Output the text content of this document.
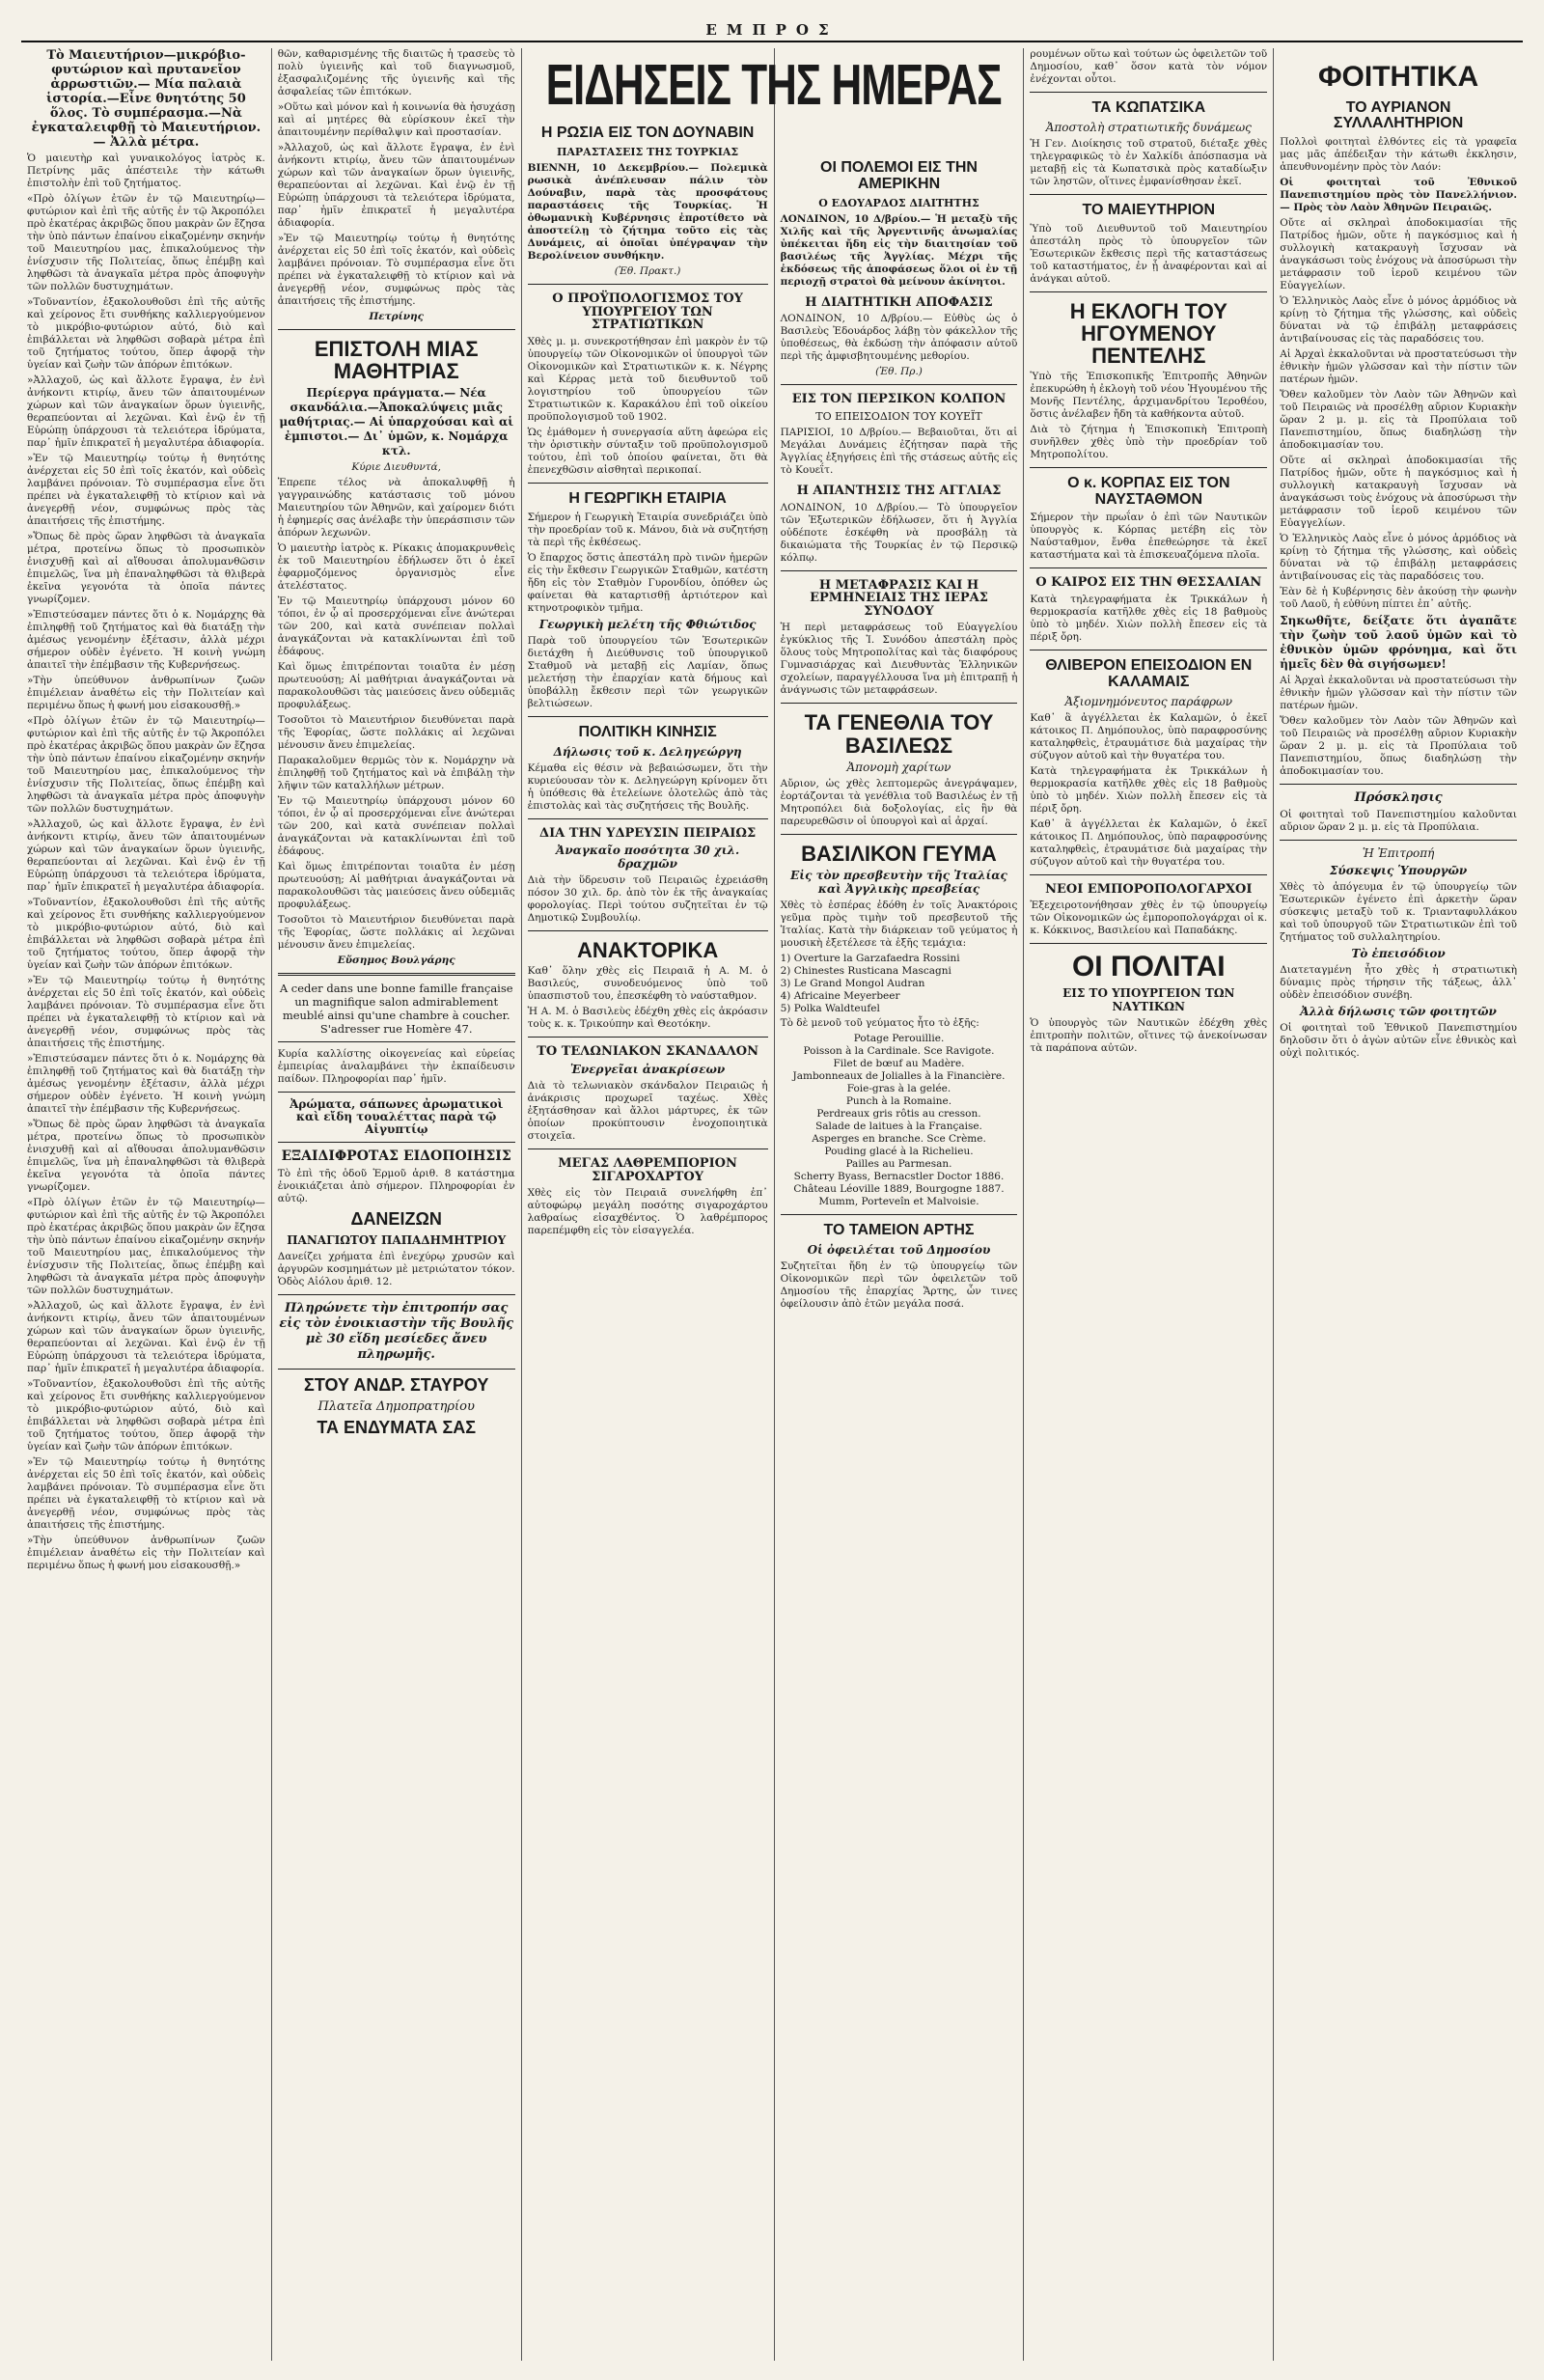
ΕΜΠΡΟΣ

Τὸ Μαιευτήριον—μικρόβιο-φυτώριον καὶ πρυτανεῖον ἀρρωστιῶν.— Μία παλαιὰ ἱστορία.—Εἶνε θνητότης 50 ὅλος. Τὸ συμπέρασμα.—Νὰ ἐγκαταλειφθῇ τὸ Μαιευτήριον.— Ἀλλὰ μέτρα.

Ὁ μαιευτὴρ καὶ γυναικολόγος ἰατρὸς κ. Πετρίνης μᾶς ἀπέστειλε τὴν κάτωθι ἐπιστολὴν ἐπὶ τοῦ ζητήματος.

«Πρὸ ὀλίγων ἐτῶν ἐν τῷ Μαιευτηρίῳ—φυτώριον καὶ ἐπὶ τῆς αὐτῆς ἐν τῷ Ἀκροπόλει πρὸ ἑκατέρας ἀκριβῶς ὅπου μακρὰν ὤν ἔζησα τὴν ὑπὸ πάντων ἐπαίνου εἰκαζομένην σκηνήν τοῦ Μαιευτηρίου μας, ἐπικαλούμενος τὴν ἐνίσχυσιν τῆς Πολιτείας, ὅπως ἐπέμβῃ καὶ ληφθῶσι τὰ ἀναγκαῖα μέτρα πρὸς ἀποφυγὴν τῶν πολλῶν δυστυχημάτων.

»Τοῦναντίον, ἐξακολουθοῦσι ἐπὶ τῆς αὐτῆς καὶ χείρονος ἔτι συνθήκης καλλιεργούμενον τὸ μικρόβιο-φυτώριον αὐτό, διὸ καὶ ἐπιβάλλεται νὰ ληφθῶσι σοβαρὰ μέτρα ἐπὶ τοῦ ζητήματος τούτου, ὅπερ ἀφορᾷ τὴν ὑγείαν καὶ ζωὴν τῶν ἀπόρων ἐπιτόκων.

»Ἀλλαχοῦ, ὡς καὶ ἄλλοτε ἔγραψα, ἐν ἑνὶ ἀνήκοντι κτιρίῳ, ἄνευ τῶν ἀπαιτουμένων χώρων καὶ τῶν ἀναγκαίων ὅρων ὑγιεινῆς, θεραπεύονται αἱ λεχῶναι. Καὶ ἐνῷ ἐν τῇ Εὐρώπῃ ὑπάρχουσι τὰ τελειότερα ἰδρύματα, παρ᾽ ἡμῖν ἐπικρατεῖ ἡ μεγαλυτέρα ἀδιαφορία.

»Ἐν τῷ Μαιευτηρίῳ τούτῳ ἡ θνητότης ἀνέρχεται εἰς 50 ἐπὶ τοῖς ἑκατόν, καὶ οὐδεὶς λαμβάνει πρόνοιαν. Τὸ συμπέρασμα εἶνε ὅτι πρέπει νὰ ἐγκαταλειφθῇ τὸ κτίριον καὶ νὰ ἀνεγερθῇ νέον, συμφώνως πρὸς τὰς ἀπαιτήσεις τῆς ἐπιστήμης.

»Ὅπως δὲ πρὸς ὥραν ληφθῶσι τὰ ἀναγκαῖα μέτρα, προτείνω ὅπως τὸ προσωπικὸν ἐνισχυθῇ καὶ αἱ αἴθουσαι ἀπολυμανθῶσιν ἐπιμελῶς, ἵνα μὴ ἐπαναληφθῶσι τὰ θλιβερὰ ἐκεῖνα γεγονότα τὰ ὁποῖα πάντες γνωρίζομεν.

»Ἐπιστεύσαμεν πάντες ὅτι ὁ κ. Νομάρχης θὰ ἐπιληφθῇ τοῦ ζητήματος καὶ θὰ διατάξῃ τὴν ἀμέσως γενομένην ἐξέτασιν, ἀλλὰ μέχρι σήμερον οὐδὲν ἐγένετο. Ἡ κοινὴ γνώμη ἀπαιτεῖ τὴν ἐπέμβασιν τῆς Κυβερνήσεως.

»Τὴν ὑπεύθυνον ἀνθρωπίνων ζωῶν ἐπιμέλειαν ἀναθέτω εἰς τὴν Πολιτείαν καὶ περιμένω ὅπως ἡ φωνή μου εἰσακουσθῇ.»

«Πρὸ ὀλίγων ἐτῶν ἐν τῷ Μαιευτηρίῳ—φυτώριον καὶ ἐπὶ τῆς αὐτῆς ἐν τῷ Ἀκροπόλει πρὸ ἑκατέρας ἀκριβῶς ὅπου μακρὰν ὤν ἔζησα τὴν ὑπὸ πάντων ἐπαίνου εἰκαζομένην σκηνήν τοῦ Μαιευτηρίου μας, ἐπικαλούμενος τὴν ἐνίσχυσιν τῆς Πολιτείας, ὅπως ἐπέμβῃ καὶ ληφθῶσι τὰ ἀναγκαῖα μέτρα πρὸς ἀποφυγὴν τῶν πολλῶν δυστυχημάτων.

»Ἀλλαχοῦ, ὡς καὶ ἄλλοτε ἔγραψα, ἐν ἑνὶ ἀνήκοντι κτιρίῳ, ἄνευ τῶν ἀπαιτουμένων χώρων καὶ τῶν ἀναγκαίων ὅρων ὑγιεινῆς, θεραπεύονται αἱ λεχῶναι. Καὶ ἐνῷ ἐν τῇ Εὐρώπῃ ὑπάρχουσι τὰ τελειότερα ἰδρύματα, παρ᾽ ἡμῖν ἐπικρατεῖ ἡ μεγαλυτέρα ἀδιαφορία.

»Τοῦναντίον, ἐξακολουθοῦσι ἐπὶ τῆς αὐτῆς καὶ χείρονος ἔτι συνθήκης καλλιεργούμενον τὸ μικρόβιο-φυτώριον αὐτό, διὸ καὶ ἐπιβάλλεται νὰ ληφθῶσι σοβαρὰ μέτρα ἐπὶ τοῦ ζητήματος τούτου, ὅπερ ἀφορᾷ τὴν ὑγείαν καὶ ζωὴν τῶν ἀπόρων ἐπιτόκων.

»Ἐν τῷ Μαιευτηρίῳ τούτῳ ἡ θνητότης ἀνέρχεται εἰς 50 ἐπὶ τοῖς ἑκατόν, καὶ οὐδεὶς λαμβάνει πρόνοιαν. Τὸ συμπέρασμα εἶνε ὅτι πρέπει νὰ ἐγκαταλειφθῇ τὸ κτίριον καὶ νὰ ἀνεγερθῇ νέον, συμφώνως πρὸς τὰς ἀπαιτήσεις τῆς ἐπιστήμης.

»Ἐπιστεύσαμεν πάντες ὅτι ὁ κ. Νομάρχης θὰ ἐπιληφθῇ τοῦ ζητήματος καὶ θὰ διατάξῃ τὴν ἀμέσως γενομένην ἐξέτασιν, ἀλλὰ μέχρι σήμερον οὐδὲν ἐγένετο. Ἡ κοινὴ γνώμη ἀπαιτεῖ τὴν ἐπέμβασιν τῆς Κυβερνήσεως.

»Ὅπως δὲ πρὸς ὥραν ληφθῶσι τὰ ἀναγκαῖα μέτρα, προτείνω ὅπως τὸ προσωπικὸν ἐνισχυθῇ καὶ αἱ αἴθουσαι ἀπολυμανθῶσιν ἐπιμελῶς, ἵνα μὴ ἐπαναληφθῶσι τὰ θλιβερὰ ἐκεῖνα γεγονότα τὰ ὁποῖα πάντες γνωρίζομεν.

«Πρὸ ὀλίγων ἐτῶν ἐν τῷ Μαιευτηρίῳ—φυτώριον καὶ ἐπὶ τῆς αὐτῆς ἐν τῷ Ἀκροπόλει πρὸ ἑκατέρας ἀκριβῶς ὅπου μακρὰν ὤν ἔζησα τὴν ὑπὸ πάντων ἐπαίνου εἰκαζομένην σκηνήν τοῦ Μαιευτηρίου μας, ἐπικαλούμενος τὴν ἐνίσχυσιν τῆς Πολιτείας, ὅπως ἐπέμβῃ καὶ ληφθῶσι τὰ ἀναγκαῖα μέτρα πρὸς ἀποφυγὴν τῶν πολλῶν δυστυχημάτων.

»Ἀλλαχοῦ, ὡς καὶ ἄλλοτε ἔγραψα, ἐν ἑνὶ ἀνήκοντι κτιρίῳ, ἄνευ τῶν ἀπαιτουμένων χώρων καὶ τῶν ἀναγκαίων ὅρων ὑγιεινῆς, θεραπεύονται αἱ λεχῶναι. Καὶ ἐνῷ ἐν τῇ Εὐρώπῃ ὑπάρχουσι τὰ τελειότερα ἰδρύματα, παρ᾽ ἡμῖν ἐπικρατεῖ ἡ μεγαλυτέρα ἀδιαφορία.

»Τοῦναντίον, ἐξακολουθοῦσι ἐπὶ τῆς αὐτῆς καὶ χείρονος ἔτι συνθήκης καλλιεργούμενον τὸ μικρόβιο-φυτώριον αὐτό, διὸ καὶ ἐπιβάλλεται νὰ ληφθῶσι σοβαρὰ μέτρα ἐπὶ τοῦ ζητήματος τούτου, ὅπερ ἀφορᾷ τὴν ὑγείαν καὶ ζωὴν τῶν ἀπόρων ἐπιτόκων.

»Ἐν τῷ Μαιευτηρίῳ τούτῳ ἡ θνητότης ἀνέρχεται εἰς 50 ἐπὶ τοῖς ἑκατόν, καὶ οὐδεὶς λαμβάνει πρόνοιαν. Τὸ συμπέρασμα εἶνε ὅτι πρέπει νὰ ἐγκαταλειφθῇ τὸ κτίριον καὶ νὰ ἀνεγερθῇ νέον, συμφώνως πρὸς τὰς ἀπαιτήσεις τῆς ἐπιστήμης.

»Τὴν ὑπεύθυνον ἀνθρωπίνων ζωῶν ἐπιμέλειαν ἀναθέτω εἰς τὴν Πολιτείαν καὶ περιμένω ὅπως ἡ φωνή μου εἰσακουσθῇ.»

θῶν, καθαρισμένης τῆς διαιτῶς ἡ τρασεὺς τὸ πολὺ ὑγιεινῆς καὶ τοῦ διαγνωσμοῦ, ἐξασφαλιζομένης τῆς ὑγιεινῆς καὶ τῆς ἀσφαλείας τῶν ἐπιτόκων.

»Οὕτω καὶ μόνον καὶ ἡ κοινωνία θὰ ἡσυχάσῃ καὶ αἱ μητέρες θὰ εὑρίσκουν ἐκεῖ τὴν ἀπαιτουμένην περίθαλψιν καὶ προστασίαν.

»Ἀλλαχοῦ, ὡς καὶ ἄλλοτε ἔγραψα, ἐν ἑνὶ ἀνήκοντι κτιρίῳ, ἄνευ τῶν ἀπαιτουμένων χώρων καὶ τῶν ἀναγκαίων ὅρων ὑγιεινῆς, θεραπεύονται αἱ λεχῶναι. Καὶ ἐνῷ ἐν τῇ Εὐρώπῃ ὑπάρχουσι τὰ τελειότερα ἰδρύματα, παρ᾽ ἡμῖν ἐπικρατεῖ ἡ μεγαλυτέρα ἀδιαφορία.

»Ἐν τῷ Μαιευτηρίῳ τούτῳ ἡ θνητότης ἀνέρχεται εἰς 50 ἐπὶ τοῖς ἑκατόν, καὶ οὐδεὶς λαμβάνει πρόνοιαν. Τὸ συμπέρασμα εἶνε ὅτι πρέπει νὰ ἐγκαταλειφθῇ τὸ κτίριον καὶ νὰ ἀνεγερθῇ νέον, συμφώνως πρὸς τὰς ἀπαιτήσεις τῆς ἐπιστήμης.

Πετρίνης

ΕΠΙΣΤΟΛΗ ΜΙΑΣ ΜΑΘΗΤΡΙΑΣ

Περίεργα πράγματα.— Νέα σκανδάλια.—Ἀποκαλύψεις μιᾶς μαθήτριας.— Αἱ ὑπαρχούσαι καὶ αἱ ἐμπιστοι.— Δι᾽ ὑμῶν, κ. Νομάρχα κτλ.

Κύριε Διευθυντά,

Ἐπρεπε τέλος νὰ ἀποκαλυφθῇ ἡ γαγγραινώδης κατάστασις τοῦ μόνου Μαιευτηρίου τῶν Ἀθηνῶν, καὶ χαίρομεν διότι ἡ ἐφημερίς σας ἀνέλαβε τὴν ὑπεράσπισιν τῶν ἀπόρων λεχωνῶν.

Ὁ μαιευτὴρ ἰατρὸς κ. Ρίκακις ἀπομακρυνθεὶς ἐκ τοῦ Μαιευτηρίου ἐδήλωσεν ὅτι ὁ ἐκεῖ ἐφαρμοζόμενος ὀργανισμὸς εἶνε ἀτελέστατος.

Ἐν τῷ Μαιευτηρίῳ ὑπάρχουσι μόνον 60 τόποι, ἐν ᾧ αἱ προσερχόμεναι εἶνε ἀνώτεραι τῶν 200, καὶ κατὰ συνέπειαν πολλαὶ ἀναγκάζονται νὰ κατακλίνωνται ἐπὶ τοῦ ἐδάφους.

Καὶ ὅμως ἐπιτρέπονται τοιαῦτα ἐν μέσῃ πρωτευούσῃ; Αἱ μαθήτριαι ἀναγκάζονται νὰ παρακολουθῶσι τὰς μαιεύσεις ἄνευ οὐδεμιᾶς προφυλάξεως.

Τοσοῦτοι τὸ Μαιευτήριον διευθύνεται παρὰ τῆς Ἐφορίας, ὥστε πολλάκις αἱ λεχῶναι μένουσιν ἄνευ ἐπιμελείας.

Παρακαλοῦμεν θερμῶς τὸν κ. Νομάρχην νὰ ἐπιληφθῇ τοῦ ζητήματος καὶ νὰ ἐπιβάλῃ τὴν λῆψιν τῶν καταλλήλων μέτρων.

Ἐν τῷ Μαιευτηρίῳ ὑπάρχουσι μόνον 60 τόποι, ἐν ᾧ αἱ προσερχόμεναι εἶνε ἀνώτεραι τῶν 200, καὶ κατὰ συνέπειαν πολλαὶ ἀναγκάζονται νὰ κατακλίνωνται ἐπὶ τοῦ ἐδάφους.

Καὶ ὅμως ἐπιτρέπονται τοιαῦτα ἐν μέσῃ πρωτευούσῃ; Αἱ μαθήτριαι ἀναγκάζονται νὰ παρακολουθῶσι τὰς μαιεύσεις ἄνευ οὐδεμιᾶς προφυλάξεως.

Τοσοῦτοι τὸ Μαιευτήριον διευθύνεται παρὰ τῆς Ἐφορίας, ὥστε πολλάκις αἱ λεχῶναι μένουσιν ἄνευ ἐπιμελείας.

Εὔσημος Βουλγάρης

A ceder dans une bonne famille française un magnifique salon admirablement meublé ainsi qu'une chambre à coucher. S'adresser rue Homère 47.

Κυρία καλλίστης οἰκογενείας καὶ εὐρείας ἐμπειρίας ἀναλαμβάνει τὴν ἐκπαίδευσιν παίδων. Πληροφορίαι παρ᾽ ἡμῖν.

Ἀρώματα, σάπωνες ἀρωματικοὶ καὶ εἴδη τουαλέττας παρὰ τῷ Αἰγυπτίῳ

ΕΞΑΙΔΙΦΡΟΤΑΣ ΕΙΔΟΠΟΙΗΣΙΣ

Τὸ ἐπὶ τῆς ὁδοῦ Ἑρμοῦ ἀριθ. 8 κατάστημα ἐνοικιάζεται ἀπὸ σήμερον. Πληροφορίαι ἐν αὐτῷ.

ΔΑΝΕΙΖΩΝ
ΠΑΝΑΓΙΩΤΟΥ ΠΑΠΑΔΗΜΗΤΡΙΟΥ

Δανείζει χρήματα ἐπὶ ἐνεχύρῳ χρυσῶν καὶ ἀργυρῶν κοσμημάτων μὲ μετριώτατον τόκον. Ὁδὸς Αἰόλου ἀριθ. 12.

Πληρώνετε τὴν ἐπιτροπήν σας εἰς τὸν ἐνοικιαστὴν τῆς Βουλῆς μὲ 30 εἴδη μεσίεδες ἄνευ πληρωμῆς.

ΣΤΟΥ ΑΝΔΡ. ΣΤΑΥΡΟΥ
Πλατεῖα Δημοπρατηρίου
ΤΑ ΕΝΔΥΜΑΤΑ ΣΑΣ
ΕΙΔΗΣΕΙΣ ΤΗΣ ΗΜΕΡΑΣ
Η ΡΩΣΙΑ ΕΙΣ ΤΟΝ ΔΟΥΝΑΒΙΝ
ΠΑΡΑΣΤΑΣΕΙΣ ΤΗΣ ΤΟΥΡΚΙΑΣ

ΒΙΕΝΝΗ, 10 Δεκεμβρίου.— Πολεμικὰ ρωσικὰ ἀνέπλευσαν πάλιν τὸν Δούναβιν, παρὰ τὰς προσφάτους παραστάσεις τῆς Τουρκίας. Ἡ ὀθωμανικὴ Κυβέρνησις ἐπροτίθετο νὰ ἀποστείλῃ τὸ ζήτημα τοῦτο εἰς τὰς Δυνάμεις, αἱ ὁποῖαι ὑπέγραψαν τὴν Βερολίνειον συνθήκην.

(Ἐθ. Πρακτ.)

Ο ΠΡΟΫΠΟΛΟΓΙΣΜΟΣ ΤΟΥ ΥΠΟΥΡΓΕΙΟΥ ΤΩΝ ΣΤΡΑΤΙΩΤΙΚΩΝ

Χθὲς μ. μ. συνεκροτήθησαν ἐπὶ μακρὸν ἐν τῷ ὑπουργείῳ τῶν Οἰκονομικῶν οἱ ὑπουργοὶ τῶν Οἰκονομικῶν καὶ Στρατιωτικῶν κ. κ. Νέγρης καὶ Κέρρας μετὰ τοῦ διευθυντοῦ τοῦ λογιστηρίου τοῦ ὑπουργείου τῶν Στρατιωτικῶν κ. Καρακάλου ἐπὶ τοῦ οἰκείου προϋπολογισμοῦ τοῦ 1902.

Ὡς ἐμάθομεν ἡ συνεργασία αὕτη ἀφεώρα εἰς τὴν ὁριστικὴν σύνταξιν τοῦ προϋπολογισμοῦ τούτου, ἐπὶ τοῦ ὁποίου φαίνεται, ὅτι θὰ ἐπενεχθῶσιν αἰσθηταὶ περικοπαί.

Η ΓΕΩΡΓΙΚΗ ΕΤΑΙΡΙΑ

Σήμερον ἡ Γεωργικὴ Ἑταιρία συνεδριάζει ὑπὸ τὴν προεδρίαν τοῦ κ. Μάνου, διὰ νὰ συζητήσῃ τὰ περὶ τῆς ἐκθέσεως.

Ὁ ἔπαρχος ὅστις ἀπεστάλη πρὸ τινῶν ἡμερῶν εἰς τὴν ἔκθεσιν Γεωργικῶν Σταθμῶν, κατέστη ἤδη εἰς τὸν Σταθμὸν Γυρονδίου, ὁπόθεν ὡς φαίνεται θὰ καταρτισθῇ ἀρτιότερον καὶ κτηνοτροφικὸν τμῆμα.

Γεωργικὴ μελέτη τῆς Φθιώτιδος

Παρὰ τοῦ ὑπουργείου τῶν Ἐσωτερικῶν διετάχθη ἡ Διεύθυνσις τοῦ ὑπουργικοῦ Σταθμοῦ νὰ μεταβῇ εἰς Λαμίαν, ὅπως μελετήσῃ τὴν ἐπαρχίαν κατὰ δήμους καὶ ὑποβάλλῃ ἔκθεσιν περὶ τῶν γεωργικῶν βελτιώσεων.

ΠΟΛΙΤΙΚΗ ΚΙΝΗΣΙΣ
Δήλωσις τοῦ κ. Δεληγεώργη

Κέμαθα εἰς θέσιν νὰ βεβαιώσωμεν, ὅτι τὴν κυριεύουσαν τὸν κ. Δεληγεώργη κρίνομεν ὅτι ἡ ὑπόθεσις θὰ ἐτελείωνε ὁλοτελῶς ἀπὸ τὰς ἐπιστολὰς καὶ τὰς συζητήσεις τῆς Βουλῆς.

ΔΙΑ ΤΗΝ ΥΔΡΕΥΣΙΝ ΠΕΙΡΑΙΩΣ
Ἀναγκαῖο ποσότητα 30 χιλ. δραχμῶν

Διὰ τὴν ὕδρευσιν τοῦ Πειραιῶς ἐχρειάσθη πόσον 30 χιλ. δρ. ἀπὸ τὸν ἐκ τῆς ἀναγκαίας φορολογίας. Περὶ τούτου συζητεῖται ἐν τῷ Δημοτικῷ Συμβουλίῳ.

ΑΝΑΚΤΟΡΙΚΑ

Καθ᾽ ὅλην χθὲς εἰς Πειραιᾶ ἡ Α. Μ. ὁ Βασιλεύς, συνοδευόμενος ὑπὸ τοῦ ὑπασπιστοῦ του, ἐπεσκέφθη τὸ ναύσταθμον.

Ἡ Α. Μ. ὁ Βασιλεὺς ἐδέχθη χθὲς εἰς ἀκρόασιν τοὺς κ. κ. Τρικούπην καὶ Θεοτόκην.

ΤΟ ΤΕΛΩΝΙΑΚΟΝ ΣΚΑΝΔΑΛΟΝ
Ἐνεργεῖαι ἀνακρίσεων

Διὰ τὸ τελωνιακὸν σκάνδαλον Πειραιῶς ἡ ἀνάκρισις προχωρεῖ ταχέως. Χθὲς ἐξητάσθησαν καὶ ἄλλοι μάρτυρες, ἐκ τῶν ὁποίων προκύπτουσιν ἐνοχοποιητικὰ στοιχεῖα.

ΜΕΓΑΣ ΛΑΘΡΕΜΠΟΡΙΟΝ ΣΙΓΑΡΟΧΑΡΤΟΥ

Χθὲς εἰς τὸν Πειραιᾶ συνελήφθη ἐπ᾽ αὐτοφώρῳ μεγάλη ποσότης σιγαροχάρτου λαθραίως εἰσαχθέντος. Ὁ λαθρέμπορος παρεπέμφθη εἰς τὸν εἰσαγγελέα.

ΟΙ ΠΟΛΕΜΟΙ ΕΙΣ ΤΗΝ ΑΜΕΡΙΚΗΝ
Ο ΕΔΟΥΑΡΔΟΣ ΔΙΑΙΤΗΤΗΣ

ΛΟΝΔΙΝΟΝ, 10 Δ/βρίου.— Ἡ μεταξὺ τῆς Χιλῆς καὶ τῆς Ἀργεντινῆς ἀνωμαλίας ὑπέκειται ἤδη εἰς τὴν διαιτησίαν τοῦ βασιλέως τῆς Ἀγγλίας. Μέχρι τῆς ἐκδόσεως τῆς ἀποφάσεως ὅλοι οἱ ἐν τῇ περιοχῇ στρατοὶ θὰ μείνουν ἀκίνητοι.

Η ΔΙΑΙΤΗΤΙΚΗ ΑΠΟΦΑΣΙΣ

ΛΟΝΔΙΝΟΝ, 10 Δ/βρίου.— Εὐθὺς ὡς ὁ Βασιλεὺς Ἐδουάρδος λάβῃ τὸν φάκελλον τῆς ὑποθέσεως, θὰ ἐκδώσῃ τὴν ἀπόφασιν αὐτοῦ περὶ τῆς ἀμφισβητουμένης μεθορίου.

(Ἐθ. Πρ.)

ΕΙΣ ΤΟΝ ΠΕΡΣΙΚΟΝ ΚΟΛΠΟΝ
ΤΟ ΕΠΕΙΣΟΔΙΟΝ ΤΟΥ ΚΟΥΕΪΤ

ΠΑΡΙΣΙΟΙ, 10 Δ/βρίου.— Βεβαιοῦται, ὅτι αἱ Μεγάλαι Δυνάμεις ἐζήτησαν παρὰ τῆς Ἀγγλίας ἐξηγήσεις ἐπὶ τῆς στάσεως αὐτῆς εἰς τὸ Κουεΐτ.

Η ΑΠΑΝΤΗΣΙΣ ΤΗΣ ΑΓΓΛΙΑΣ

ΛΟΝΔΙΝΟΝ, 10 Δ/βρίου.— Τὸ ὑπουργεῖον τῶν Ἐξωτερικῶν ἐδήλωσεν, ὅτι ἡ Ἀγγλία οὐδέποτε ἐσκέφθη νὰ προσβάλῃ τὰ δικαιώματα τῆς Τουρκίας ἐν τῷ Περσικῷ κόλπῳ.

Η ΜΕΤΑΦΡΑΣΙΣ ΚΑΙ Η ΕΡΜΗΝΕΙΑΙΣ ΤΗΣ ΙΕΡΑΣ ΣΥΝΟΔΟΥ

Ἡ περὶ μεταφράσεως τοῦ Εὐαγγελίου ἐγκύκλιος τῆς Ἱ. Συνόδου ἀπεστάλη πρὸς ὅλους τοὺς Μητροπολίτας καὶ τὰς διαφόρους Γυμνασιάρχας καὶ Διευθυντὰς Ἑλληνικῶν σχολείων, παραγγέλλουσα ἵνα μὴ ἐπιτραπῇ ἡ ἀνάγνωσις τῶν μεταφράσεων.

ΤΑ ΓΕΝΕΘΛΙΑ ΤΟΥ ΒΑΣΙΛΕΩΣ
Ἀπονομὴ χαρίτων

Αὔριον, ὡς χθὲς λεπτομερῶς ἀνεγράψαμεν, ἑορτάζονται τὰ γενέθλια τοῦ Βασιλέως ἐν τῇ Μητροπόλει διὰ δοξολογίας, εἰς ἣν θὰ παρευρεθῶσιν οἱ ὑπουργοὶ καὶ αἱ ἀρχαί.

ΒΑΣΙΛΙΚΟΝ ΓΕΥΜΑ
Εἰς τὸν πρεσβευτὴν τῆς Ἰταλίας καὶ Ἀγγλικὴς πρεσβείας

Χθὲς τὸ ἑσπέρας ἐδόθη ἐν τοῖς Ἀνακτόροις γεῦμα πρὸς τιμὴν τοῦ πρεσβευτοῦ τῆς Ἰταλίας. Κατὰ τὴν διάρκειαν τοῦ γεύματος ἡ μουσικὴ ἐξετέλεσε τὰ ἑξῆς τεμάχια:

1) Overture la Garzafaedra Rossini
2) Chinestes Rusticana Mascagni
3) Le Grand Mongol Audran
4) Africaine Meyerbeer
5) Polka Waldteufel

Τὸ δὲ μενοῦ τοῦ γεύματος ἦτο τὸ ἑξῆς:

Potage Perouillie.
Poisson à la Cardinale. Sce Ravigote.
Filet de bœuf au Madère.
Jambonneaux de Jolialles à la Financière.
Foie-gras à la gelée.
Punch à la Romaine.
Perdreaux gris rôtis au cresson.
Salade de laitues à la Française.
Asperges en branche. Sce Crème.
Pouding glacé à la Richelieu.
Pailles au Parmesan.
Scherry Byass, Bernacstler Doctor 1886.
Château Léoville 1889, Bourgogne 1887.
Mumm, Porteveîn et Malvoisie.
ΤΟ ΤΑΜΕΙΟΝ ΑΡΤΗΣ
Οἱ ὀφειλέται τοῦ Δημοσίου

Συζητεῖται ἤδη ἐν τῷ ὑπουργείῳ τῶν Οἰκονομικῶν περὶ τῶν ὀφειλετῶν τοῦ Δημοσίου τῆς ἐπαρχίας Ἄρτης, ὧν τινες ὀφείλουσιν ἀπὸ ἐτῶν μεγάλα ποσά.

ρουμένων οὕτω καὶ τούτων ὡς ὀφειλετῶν τοῦ Δημοσίου, καθ᾽ ὅσον κατὰ τὸν νόμον ἐνέχονται οὗτοι.

ΤΑ ΚΩΠΑΤΣΙΚΑ
Ἀποστολὴ στρατιωτικῆς δυνάμεως

Ἡ Γεν. Διοίκησις τοῦ στρατοῦ, διέταξε χθὲς τηλεγραφικῶς τὸ ἐν Χαλκίδι ἀπόσπασμα νὰ μεταβῇ εἰς τὰ Κωπατσικὰ πρὸς καταδίωξιν τῶν ληστῶν, οἵτινες ἐμφανίσθησαν ἐκεῖ.

ΤΟ ΜΑΙΕΥΤΗΡΙΟΝ

Ὑπὸ τοῦ Διευθυντοῦ τοῦ Μαιευτηρίου ἀπεστάλη πρὸς τὸ ὑπουργεῖον τῶν Ἐσωτερικῶν ἔκθεσις περὶ τῆς καταστάσεως τοῦ καταστήματος, ἐν ᾗ ἀναφέρονται καὶ αἱ ἀνάγκαι αὐτοῦ.

Η ΕΚΛΟΓΗ ΤΟΥ ΗΓΟΥΜΕΝΟΥ ΠΕΝΤΕΛΗΣ

Ὑπὸ τῆς Ἐπισκοπικῆς Ἐπιτροπῆς Ἀθηνῶν ἐπεκυρώθη ἡ ἐκλογὴ τοῦ νέου Ἡγουμένου τῆς Μονῆς Πεντέλης, ἀρχιμανδρίτου Ἱεροθέου, ὅστις ἀνέλαβεν ἤδη τὰ καθήκοντα αὐτοῦ.

Διὰ τὸ ζήτημα ἡ Ἐπισκοπικὴ Ἐπιτροπὴ συνῆλθεν χθὲς ὑπὸ τὴν προεδρίαν τοῦ Μητροπολίτου.

Ο κ. ΚΟΡΠΑΣ ΕΙΣ ΤΟΝ ΝΑΥΣΤΑΘΜΟΝ

Σήμερον τὴν πρωΐαν ὁ ἐπὶ τῶν Ναυτικῶν ὑπουργὸς κ. Κόρπας μετέβη εἰς τὸν Ναύσταθμον, ἔνθα ἐπεθεώρησε τὰ ἐκεῖ καταστήματα καὶ τὰ ἐπισκευαζόμενα πλοῖα.

Ο ΚΑΙΡΟΣ ΕΙΣ ΤΗΝ ΘΕΣΣΑΛΙΑΝ

Κατὰ τηλεγραφήματα ἐκ Τρικκάλων ἡ θερμοκρασία κατῆλθε χθὲς εἰς 18 βαθμοὺς ὑπὸ τὸ μηδέν. Χιὼν πολλὴ ἔπεσεν εἰς τὰ πέριξ ὄρη.

ΘΛΙΒΕΡΟΝ ΕΠΕΙΣΟΔΙΟΝ ΕΝ ΚΑΛΑΜΑΙΣ
Ἀξιομνημόνευτος παράφρων

Καθ᾽ ἃ ἀγγέλλεται ἐκ Καλαμῶν, ὁ ἐκεῖ κάτοικος Π. Δημόπουλος, ὑπὸ παραφροσύνης καταληφθεὶς, ἐτραυμάτισε διὰ μαχαίρας τὴν σύζυγον αὐτοῦ καὶ τὴν θυγατέρα του.

Κατὰ τηλεγραφήματα ἐκ Τρικκάλων ἡ θερμοκρασία κατῆλθε χθὲς εἰς 18 βαθμοὺς ὑπὸ τὸ μηδέν. Χιὼν πολλὴ ἔπεσεν εἰς τὰ πέριξ ὄρη.

Καθ᾽ ἃ ἀγγέλλεται ἐκ Καλαμῶν, ὁ ἐκεῖ κάτοικος Π. Δημόπουλος, ὑπὸ παραφροσύνης καταληφθεὶς, ἐτραυμάτισε διὰ μαχαίρας τὴν σύζυγον αὐτοῦ καὶ τὴν θυγατέρα του.

ΝΕΟΙ ΕΜΠΟΡΟΠΟΛΟΓΑΡΧΟΙ

Ἐξεχειροτονήθησαν χθὲς ἐν τῷ ὑπουργείῳ τῶν Οἰκονομικῶν ὡς ἐμποροπολογάρχαι οἱ κ. κ. Κόκκινος, Βασιλείου καὶ Παπαδάκης.

ΟΙ ΠΟΛΙΤΑΙ
ΕΙΣ ΤΟ ΥΠΟΥΡΓΕΙΟΝ ΤΩΝ ΝΑΥΤΙΚΩΝ

Ὁ ὑπουργὸς τῶν Ναυτικῶν ἐδέχθη χθὲς ἐπιτροπὴν πολιτῶν, οἵτινες τῷ ἀνεκοίνωσαν τὰ παράπονα αὐτῶν.

ΦΟΙΤΗΤΙΚΑ
ΤΟ ΑΥΡΙΑΝΟΝ ΣΥΛΛΑΛΗΤΗΡΙΟΝ

Πολλοὶ φοιτηταὶ ἐλθόντες εἰς τὰ γραφεῖα μας μᾶς ἀπέδειξαν τὴν κάτωθι ἐκκλησιν, ἀπευθυνομένην πρὸς τὸν Λαόν:

Οἱ φοιτηταὶ τοῦ Ἐθνικοῦ Πανεπιστημίου πρὸς τὸν Πανελλήνιον.— Πρὸς τὸν Λαὸν Ἀθηνῶν Πειραιῶς.

Οὔτε αἱ σκληραὶ ἀποδοκιμασίαι τῆς Πατρίδος ἡμῶν, οὔτε ἡ παγκόσμιος καὶ ἡ συλλογικὴ κατακραυγὴ ἴσχυσαν νὰ ἀναγκάσωσι τοὺς ἐνόχους νὰ ἀποσύρωσι τὴν μετάφρασιν τοῦ ἱεροῦ κειμένου τῶν Εὐαγγελίων.

Ὁ Ἑλληνικὸς Λαὸς εἶνε ὁ μόνος ἀρμόδιος νὰ κρίνῃ τὸ ζήτημα τῆς γλώσσης, καὶ οὐδεὶς δύναται νὰ τῷ ἐπιβάλῃ μεταφράσεις ἀντιβαίνουσας εἰς τὰς παραδόσεις του.

Αἱ Ἀρχαὶ ἐκκαλοῦνται νὰ προστατεύσωσι τὴν ἐθνικὴν ἡμῶν γλῶσσαν καὶ τὴν πίστιν τῶν πατέρων ἡμῶν.

Ὅθεν καλοῦμεν τὸν Λαὸν τῶν Ἀθηνῶν καὶ τοῦ Πειραιῶς νὰ προσέλθῃ αὔριον Κυριακὴν ὥραν 2 μ. μ. εἰς τὰ Προπύλαια τοῦ Πανεπιστημίου, ὅπως διαδηλώσῃ τὴν ἀποδοκιμασίαν του.

Οὔτε αἱ σκληραὶ ἀποδοκιμασίαι τῆς Πατρίδος ἡμῶν, οὔτε ἡ παγκόσμιος καὶ ἡ συλλογικὴ κατακραυγὴ ἴσχυσαν νὰ ἀναγκάσωσι τοὺς ἐνόχους νὰ ἀποσύρωσι τὴν μετάφρασιν τοῦ ἱεροῦ κειμένου τῶν Εὐαγγελίων.

Ὁ Ἑλληνικὸς Λαὸς εἶνε ὁ μόνος ἀρμόδιος νὰ κρίνῃ τὸ ζήτημα τῆς γλώσσης, καὶ οὐδεὶς δύναται νὰ τῷ ἐπιβάλῃ μεταφράσεις ἀντιβαίνουσας εἰς τὰς παραδόσεις του.

Ἐὰν δὲ ἡ Κυβέρνησις δὲν ἀκούσῃ τὴν φωνὴν τοῦ Λαοῦ, ἡ εὐθύνη πίπτει ἐπ᾽ αὐτῆς.

Σηκωθῆτε, δείξατε ὅτι ἀγαπᾶτε τὴν ζωὴν τοῦ λαοῦ ὑμῶν καὶ τὸ ἐθνικὸν ὑμῶν φρόνημα, καὶ ὅτι ἡμεῖς δὲν θὰ σιγήσωμεν!

Αἱ Ἀρχαὶ ἐκκαλοῦνται νὰ προστατεύσωσι τὴν ἐθνικὴν ἡμῶν γλῶσσαν καὶ τὴν πίστιν τῶν πατέρων ἡμῶν.

Ὅθεν καλοῦμεν τὸν Λαὸν τῶν Ἀθηνῶν καὶ τοῦ Πειραιῶς νὰ προσέλθῃ αὔριον Κυριακὴν ὥραν 2 μ. μ. εἰς τὰ Προπύλαια τοῦ Πανεπιστημίου, ὅπως διαδηλώσῃ τὴν ἀποδοκιμασίαν του.

Πρόσκλησις

Οἱ φοιτηταὶ τοῦ Πανεπιστημίου καλοῦνται αὔριον ὥραν 2 μ. μ. εἰς τὰ Προπύλαια.

Ἡ Ἐπιτροπή
Σύσκεψις Ὑπουργῶν

Χθὲς τὸ ἀπόγευμα ἐν τῷ ὑπουργείῳ τῶν Ἐσωτερικῶν ἐγένετο ἐπὶ ἀρκετὴν ὥραν σύσκεψις μεταξὺ τοῦ κ. Τριανταφυλλάκου καὶ τοῦ ὑπουργοῦ τῶν Στρατιωτικῶν ἐπὶ τοῦ ζητήματος τοῦ συλλαλητηρίου.

Τὸ ἐπεισόδιον

Διατεταγμένη ἦτο χθὲς ἡ στρατιωτικὴ δύναμις πρὸς τήρησιν τῆς τάξεως, ἀλλ᾽ οὐδὲν ἐπεισόδιον συνέβη.

Ἀλλὰ δήλωσις τῶν φοιτητῶν

Οἱ φοιτηταὶ τοῦ Ἐθνικοῦ Πανεπιστημίου δηλοῦσιν ὅτι ὁ ἀγὼν αὐτῶν εἶνε ἐθνικὸς καὶ οὐχὶ πολιτικός.
